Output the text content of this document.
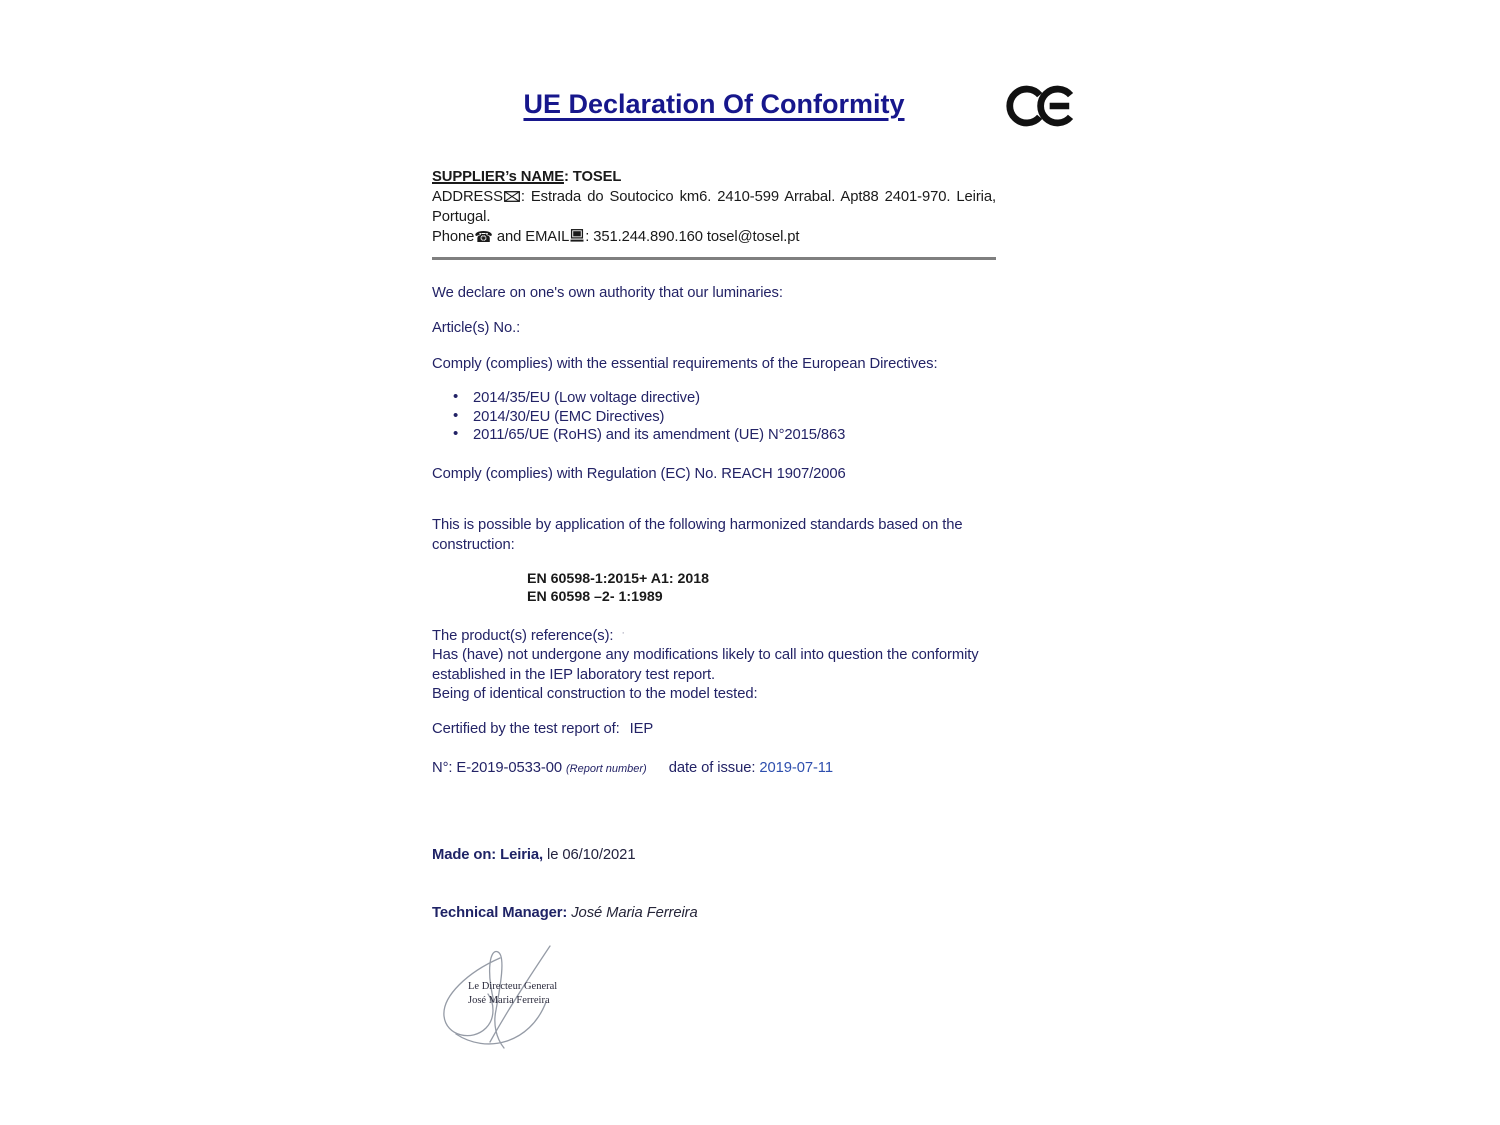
UE Declaration Of Conformity

SUPPLIER’s NAME: TOSEL

ADDRESS : Estrada do Soutocico km6. 2410-599 Arrabal. Apt88 2401-970. Leiria, Portugal.

Phone☎ and EMAIL : 351.244.890.160 tosel@tosel.pt

We declare on one's own authority that our luminaries:

Article(s) No.:

Comply (complies) with the essential requirements of the European Directives:

• 2014/35/EU (Low voltage directive)
• 2014/30/EU (EMC Directives)
• 2011/65/UE (RoHS) and its amendment (UE) N°2015/863

Comply (complies) with Regulation (EC) No. REACH 1907/2006

This is possible by application of the following harmonized standards based on the construction:

EN 60598-1:2015+ A1: 2018

EN 60598 –2- 1:1989

The product(s) reference(s): ·

Has (have) not undergone any modifications likely to call into question the conformity established in the IEP laboratory test report.

Being of identical construction to the model tested:

Certified by the test report of: IEP

N°: E-2019-0533-00 (Report number) date of issue: 2019-07-11

Made on: Leiria, le 06/10/2021

Technical Manager: José Maria Ferreira

Le Directeur General
José Maria Ferreira
